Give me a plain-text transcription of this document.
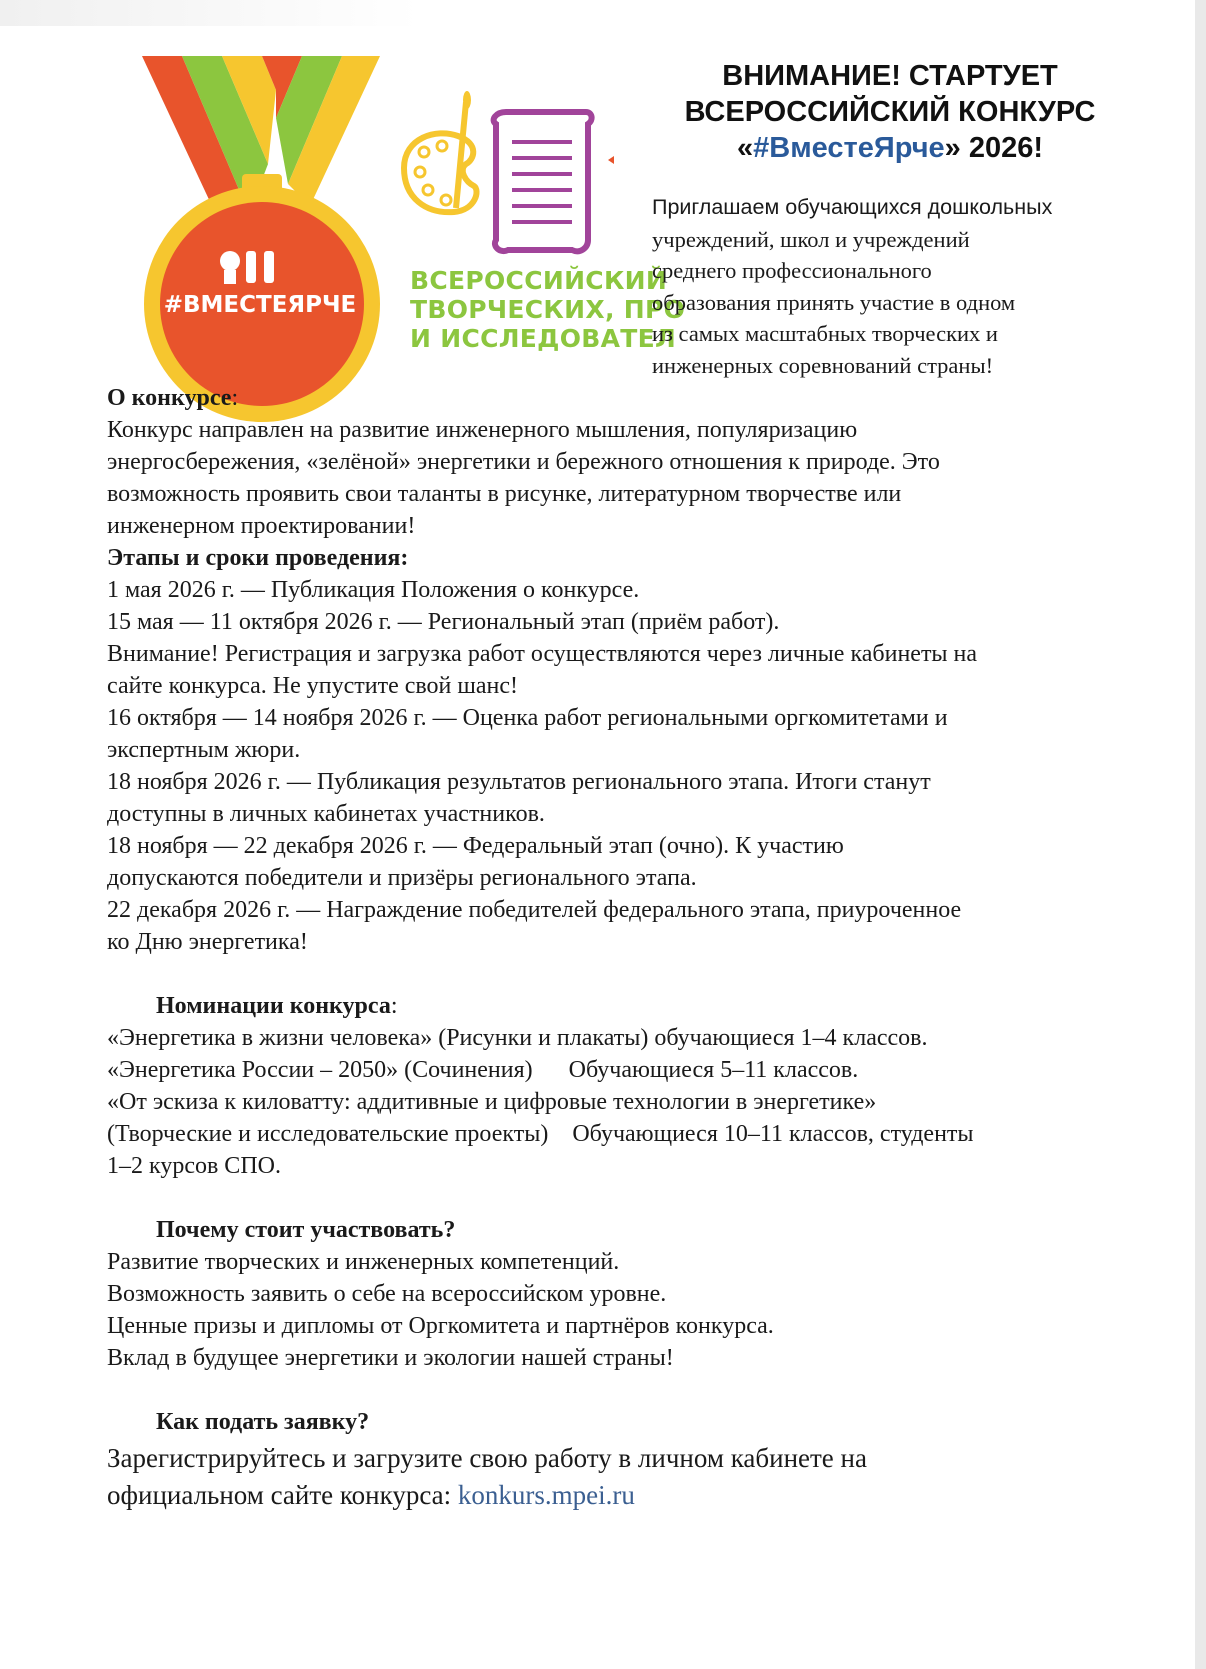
#ВМЕСТЕЯРЧЕ
ВСЕРОССИЙСКИЙ
ТВОРЧЕСКИХ, ПРО
И ИССЛЕДОВАТЕЛ
ВНИМАНИЕ! СТАРТУЕТ
ВСЕРОССИЙСКИЙ КОНКУРС
«#ВместеЯрче» 2026!
Приглашаем обучающихся дошкольных
учреждений, школ и учреждений
среднего профессионального
образования принять участие в одном
из самых масштабных творческих и
инженерных соревнований страны!
О конкурсе:
Конкурс направлен на развитие инженерного мышления, популяризацию
энергосбережения, «зелёной» энергетики и бережного отношения к природе. Это
возможность проявить свои таланты в рисунке, литературном творчестве или
инженерном проектировании!
Этапы и сроки проведения:
1 мая 2026 г. — Публикация Положения о конкурсе.
15 мая — 11 октября 2026 г. — Региональный этап (приём работ).
Внимание! Регистрация и загрузка работ осуществляются через личные кабинеты на
сайте конкурса. Не упустите свой шанс!
16 октября — 14 ноября 2026 г. — Оценка работ региональными оргкомитетами и
экспертным жюри.
18 ноября 2026 г. — Публикация результатов регионального этапа. Итоги станут
доступны в личных кабинетах участников.
18 ноября — 22 декабря 2026 г. — Федеральный этап (очно). К участию
допускаются победители и призёры регионального этапа.
22 декабря 2026 г. — Награждение победителей федерального этапа, приуроченное
ко Дню энергетика!
Номинации конкурса:
«Энергетика в жизни человека» (Рисунки и плакаты) обучающиеся 1–4 классов.
«Энергетика России – 2050» (Сочинения)      Обучающиеся 5–11 классов.
«От эскиза к киловатту: аддитивные и цифровые технологии в энергетике»
(Творческие и исследовательские проекты)    Обучающиеся 10–11 классов, студенты
1–2 курсов СПО.
Почему стоит участвовать?
Развитие творческих и инженерных компетенций.
Возможность заявить о себе на всероссийском уровне.
Ценные призы и дипломы от Оргкомитета и партнёров конкурса.
Вклад в будущее энергетики и экологии нашей страны!
Как подать заявку?
Зарегистрируйтесь и загрузите свою работу в личном кабинете на
официальном сайте конкурса: konkurs.mpei.ru
